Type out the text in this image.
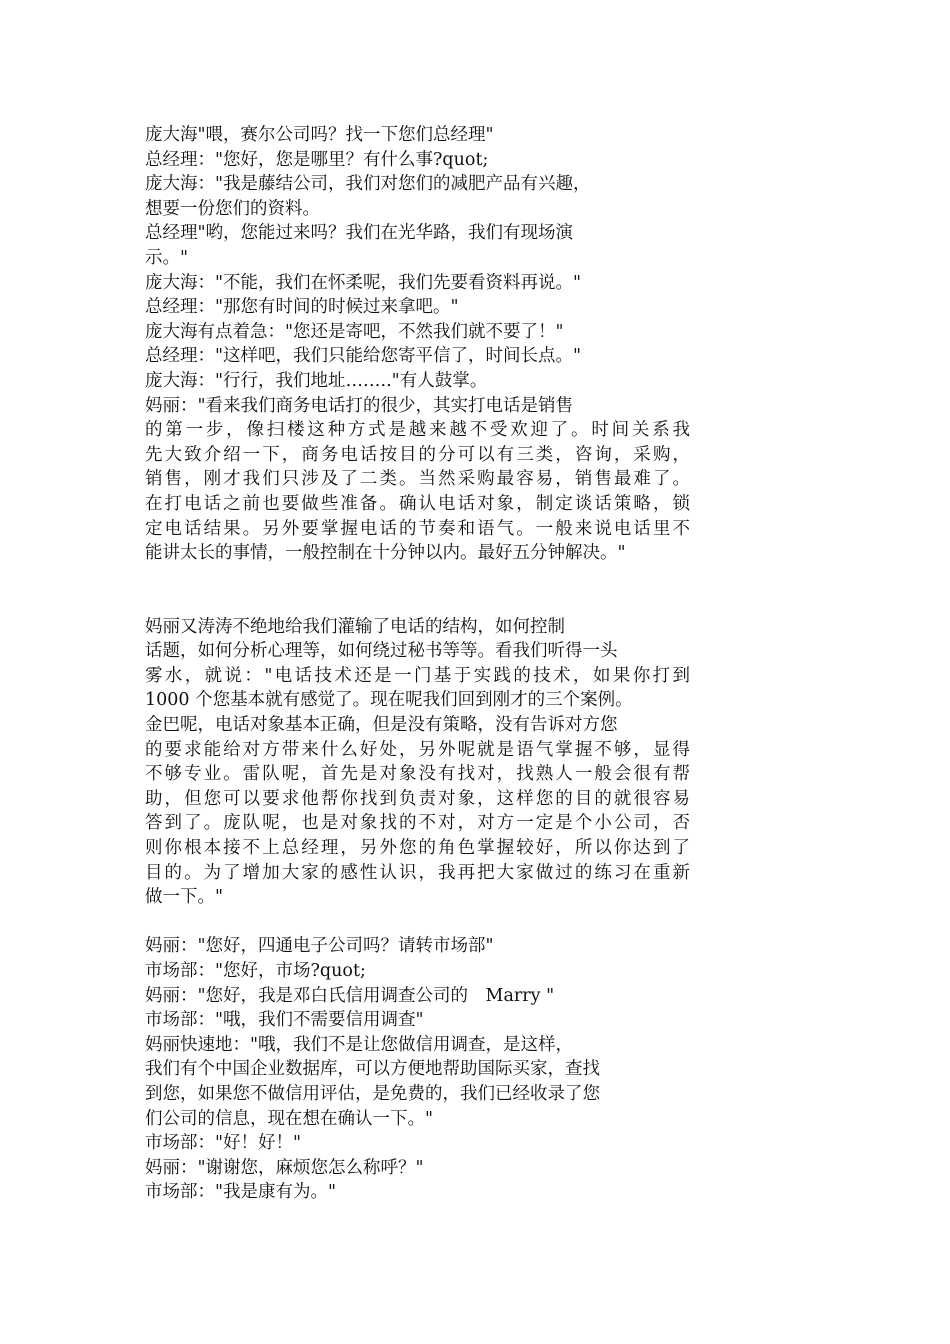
庞大海"喂，赛尔公司吗？找一下您们总经理"
总经理："您好，您是哪里？有什么事?quot;
庞大海："我是藤结公司，我们对您们的减肥产品有兴趣，
想要一份您们的资料。
总经理"哟，您能过来吗？我们在光华路，我们有现场演
示。"
庞大海："不能，我们在怀柔呢，我们先要看资料再说。"
总经理："那您有时间的时候过来拿吧。"
庞大海有点着急："您还是寄吧，不然我们就不要了！"
总经理："这样吧，我们只能给您寄平信了，时间长点。"
庞大海："行行，我们地址…….."有人鼓掌。
妈丽："看来我们商务电话打的很少，其实打电话是销售
的第一步，像扫楼这种方式是越来越不受欢迎了。时间关系我
先大致介绍一下，商务电话按目的分可以有三类，咨询，采购，
销售，刚才我们只涉及了二类。当然采购最容易，销售最难了。
在打电话之前也要做些准备。确认电话对象，制定谈话策略，锁
定电话结果。另外要掌握电话的节奏和语气。一般来说电话里不
能讲太长的事情，一般控制在十分钟以内。最好五分钟解决。"
妈丽又涛涛不绝地给我们灌输了电话的结构，如何控制
话题，如何分析心理等，如何绕过秘书等等。看我们听得一头
雾水，就说："电话技术还是一门基于实践的技术，如果你打到
1000 个您基本就有感觉了。现在呢我们回到刚才的三个案例。
金巴呢，电话对象基本正确，但是没有策略，没有告诉对方您
的要求能给对方带来什么好处，另外呢就是语气掌握不够，显得
不够专业。雷队呢，首先是对象没有找对，找熟人一般会很有帮
助，但您可以要求他帮你找到负责对象，这样您的目的就很容易
答到了。庞队呢，也是对象找的不对，对方一定是个小公司，否
则你根本接不上总经理，另外您的角色掌握较好，所以你达到了
目的。为了增加大家的感性认识，我再把大家做过的练习在重新
做一下。"
妈丽："您好，四通电子公司吗？请转市场部"
市场部："您好，市场?quot;
妈丽："您好，我是邓白氏信用调查公司的　Marry "
市场部："哦，我们不需要信用调查"
妈丽快速地："哦，我们不是让您做信用调查，是这样，
我们有个中国企业数据库，可以方便地帮助国际买家，查找
到您，如果您不做信用评估，是免费的，我们已经收录了您
们公司的信息，现在想在确认一下。"
市场部："好！好！"
妈丽："谢谢您，麻烦您怎么称呼？"
市场部："我是康有为。"
